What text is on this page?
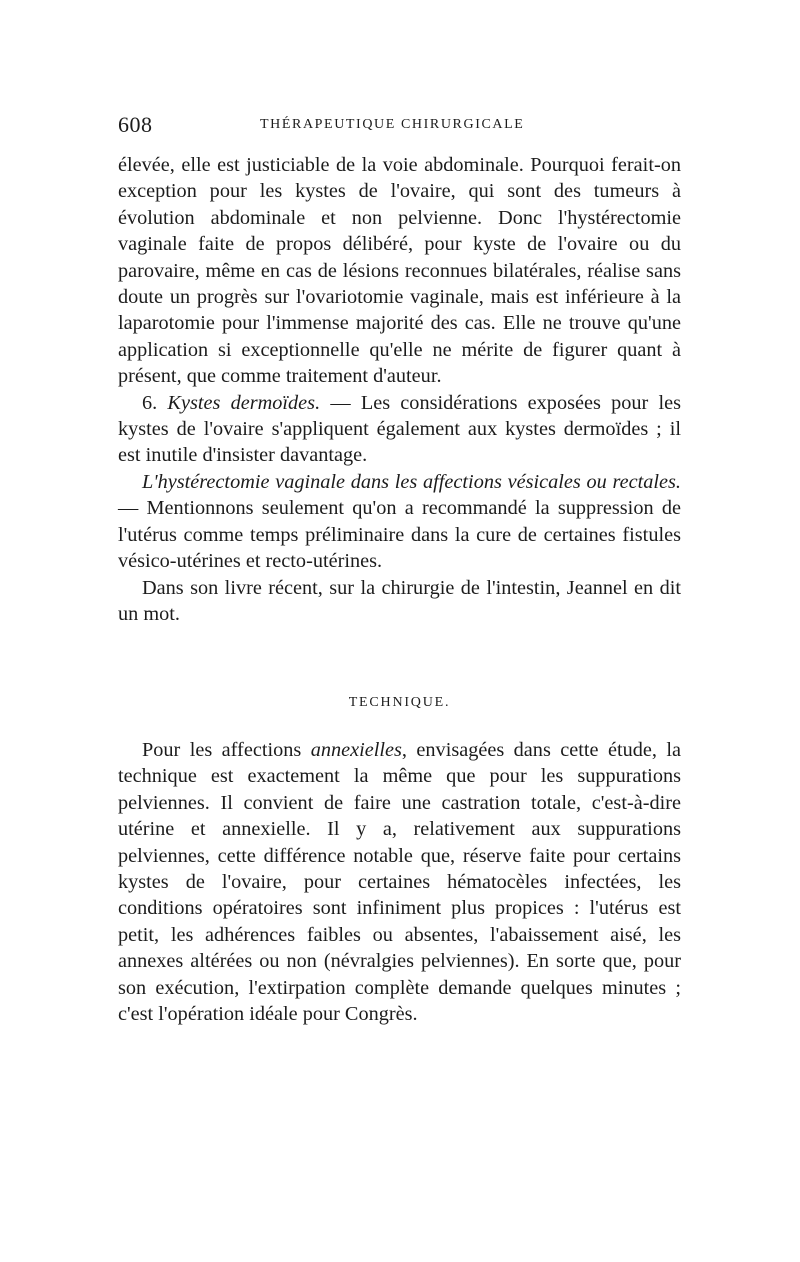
608	THÉRAPEUTIQUE CHIRURGICALE

élevée, elle est justiciable de la voie abdominale. Pourquoi ferait-on exception pour les kystes de l'ovaire, qui sont des tumeurs à évolution abdominale et non pelvienne. Donc l'hystérectomie vaginale faite de propos délibéré, pour kyste de l'ovaire ou du parovaire, même en cas de lésions reconnues bilatérales, réalise sans doute un progrès sur l'ovariotomie vaginale, mais est inférieure à la laparotomie pour l'immense majorité des cas. Elle ne trouve qu'une application si exceptionnelle qu'elle ne mérite de figurer quant à présent, que comme traitement d'auteur.

6. Kystes dermoïdes. — Les considérations exposées pour les kystes de l'ovaire s'appliquent également aux kystes dermoïdes ; il est inutile d'insister davantage.

L'hystérectomie vaginale dans les affections vésicales ou rectales. — Mentionnons seulement qu'on a recommandé la suppression de l'utérus comme temps préliminaire dans la cure de certaines fistules vésico-utérines et recto-utérines.

Dans son livre récent, sur la chirurgie de l'intestin, Jeannel en dit un mot.

TECHNIQUE.

Pour les affections annexielles, envisagées dans cette étude, la technique est exactement la même que pour les suppurations pelviennes. Il convient de faire une castration totale, c'est-à-dire utérine et annexielle. Il y a, relativement aux suppurations pelviennes, cette différence notable que, réserve faite pour certains kystes de l'ovaire, pour certaines hématocèles infectées, les conditions opératoires sont infiniment plus propices : l'utérus est petit, les adhérences faibles ou absentes, l'abaissement aisé, les annexes altérées ou non (névralgies pelviennes). En sorte que, pour son exécution, l'extirpation complète demande quelques minutes ; c'est l'opération idéale pour Congrès.
